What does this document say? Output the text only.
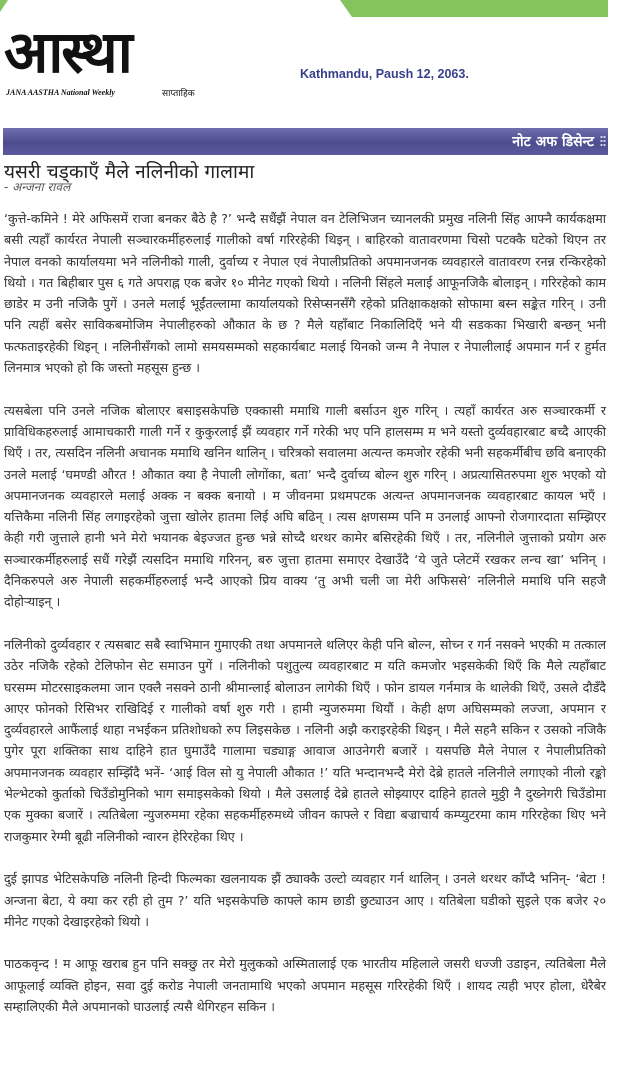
आस्था
JANA AASTHA National Weekly	साप्ताहिक
Kathmandu, Paush 12, 2063.
नोट अफ डिसेन्ट
यसरी चड्काएँ मैले नलिनीको गालामा
- अन्जना रावल

‘कुत्ते-कमिने ! मेरे अफिसमें राजा बनकर बैठे है ?’ भन्दै सधैंझैं नेपाल वन टेलिभिजन च्यानलकी प्रमुख नलिनी सिंह आफ्नै कार्यकक्षमा बसी त्यहाँ कार्यरत नेपाली सञ्चारकर्मीहरुलाई गालीको वर्षा गरिरहेकी थिइन् । बाहिरको वातावरणमा चिसो पटक्कै घटेको थिएन तर नेपाल वनको कार्यालयमा भने नलिनीको गाली, दुर्वाच्य र नेपाल एवं नेपालीप्रतिको अपमानजनक व्यवहारले वातावरण रनन्न रन्किरहेको थियो । गत बिहीबार पुस ६ गते अपराह्न एक बजेर १० मीनेट गएको थियो । नलिनी सिंहले मलाई आफूनजिकै बोलाइन् । गरिरहेको काम छाडेर म उनी नजिकै पुगें । उनले मलाई भूईंतल्लामा कार्यालयको रिसेप्सनसँगै रहेको प्रतिक्षाकक्षको सोफामा बस्न सङ्केत गरिन् । उनी पनि त्यहीं बसेर साविकबमोजिम नेपालीहरुको औकात के छ ? मैले यहाँबाट निकालिदिएँ भने यी सडकका भिखारी बन्छन् भनी फत्फताइरहेकी थिइन् । नलिनीसँगको लामो समयसम्मको सहकार्यबाट मलाई यिनको जन्म नै नेपाल र नेपालीलाई अपमान गर्न र हुर्मत लिनमात्र भएको हो कि जस्तो महसूस हुन्छ ।

त्यसबेला पनि उनले नजिक बोलाएर बसाइसकेपछि एक्कासी ममाथि गाली बर्साउन शुरु गरिन् । त्यहाँ कार्यरत अरु सञ्चारकर्मी र प्राविधिकहरुलाई आमाचकारी गाली गर्ने र कुकुरलाई झैं व्यवहार गर्ने गरेकी भए पनि हालसम्म म भने यस्तो दुर्व्यवहारबाट बच्दै आएकी थिएँ । तर, त्यसदिन नलिनी अचानक ममाथि खनिन थालिन् । चरित्रको सवालमा अत्यन्त कमजोर रहेकी भनी सहकर्मीबीच छवि बनाएकी उनले मलाई ‘घमण्डी औरत ! औकात क्या है नेपाली लोगोंका, बता’ भन्दै दुर्वाच्य बोल्न शुरु गरिन् । अप्रत्यासितरुपमा शुरु भएको यो अपमानजनक व्यवहारले मलाई अक्क न बक्क बनायो । म जीवनमा प्रथमपटक अत्यन्त अपमानजनक व्यवहारबाट कायल भएँ । यत्तिकैमा नलिनी सिंह लगाइरहेको जुत्ता खोलेर हातमा लिई अघि बढिन् । त्यस क्षणसम्म पनि म उनलाई आफ्नो रोजगारदाता सम्झिएर केही गरी जुत्ताले हानी भने मेरो भयानक बेइज्जत हुन्छ भन्ने सोच्दै थरथर कामेर बसिरहेकी थिएँ । तर, नलिनीले जुत्ताको प्रयोग अरु सञ्चारकर्मीहरुलाई सधैं गरेझैं त्यसदिन ममाथि गरिनन्, बरु जुत्ता हातमा समाएर देखाउँदै ‘ये जुते प्लेटमें रखकर लन्च खा’ भनिन् । दैनिकरुपले अरु नेपाली सहकर्मीहरुलाई भन्दै आएको प्रिय वाक्य ‘तु अभी चली जा मेरी अफिससे’ नलिनीले ममाथि पनि सहजै दोहोर्‍याइन् ।

नलिनीको दुर्व्यवहार र त्यसबाट सबै स्वाभिमान गुमाएकी तथा अपमानले थलिएर केही पनि बोल्न, सोच्न र गर्न नसक्ने भएकी म तत्काल उठेर नजिकै रहेको टेलिफोन सेट समाउन पुगें । नलिनीको पशुतुल्य व्यवहारबाट म यति कमजोर भइसकेकी थिएँ कि मैले त्यहाँबाट घरसम्म मोटरसाइकलमा जान एक्लै नसक्ने ठानी श्रीमान्लाई बोलाउन लागेकी थिएँ । फोन डायल गर्नमात्र के थालेकी थिएँ, उसले दौडँदै आएर फोनको रिसिभर राखिदिई र गालीको वर्षा शुरु गरी । हामी न्युजरुममा थियौं । केही क्षण अघिसम्मको लज्जा, अपमान र दुर्व्यवहारले आफैंलाई थाहा नभईकन प्रतिशोधको रुप लिइसकेछ । नलिनी अझै कराइरहेकी थिइन् । मैले सहनै सकिन र उसको नजिकै पुगेर पूरा शक्तिका साथ दाहिने हात घुमाउँदै गालामा चड्याङ्ग आवाज आउनेगरी बजारें । यसपछि मैले नेपाल र नेपालीप्रतिको अपमानजनक व्यवहार सम्झिँदै भनें- ‘आई विल सो यु नेपाली औकात !’ यति भन्दानभन्दै मेरो देब्रे हातले नलिनीले लगाएको नीलो रङ्को भेल्भेटको कुर्ताको चिउँडोमुनिको भाग समाइसकेको थियो । मैले उसलाई देब्रे हातले सोझ्याएर दाहिने हातले मुठ्ठी नै दुख्नेगरी चिउँडोमा एक मुक्का बजारें । त्यतिबेला न्युजरुममा रहेका सहकर्मीहरुमध्ये जीवन काफ्ले र विद्या बज्राचार्य कम्प्युटरमा काम गरिरहेका थिए भने राजकुमार रेग्मी बूढी नलिनीको न्वारन हेरिरहेका थिए ।

दुई झापड भेटिसकेपछि नलिनी हिन्दी फिल्मका खलनायक झैं ठ्याक्कै उल्टो व्यवहार गर्न थालिन् । उनले थरथर काँप्दै भनिन्- ‘बेटा ! अन्जना बेटा, ये क्या कर रही हो तुम ?’ यति भइसकेपछि काफ्ले काम छाडी छुट्याउन आए । यतिबेला घडीको सुइले एक बजेर २० मीनेट गएको देखाइरहेको थियो ।

पाठकवृन्द ! म आफू खराब हुन पनि सक्छु तर मेरो मुलुकको अस्मितालाई एक भारतीय महिलाले जसरी धज्जी उडाइन, त्यतिबेला मैले आफूलाई व्यक्ति होइन, सवा दुई करोड नेपाली जनतामाथि भएको अपमान महसूस गरिरहेकी थिएँ । शायद त्यही भएर होला, धेरैबेर सम्हालिएकी मैले अपमानको घाउलाई त्यसै थेगिरहन सकिन ।
